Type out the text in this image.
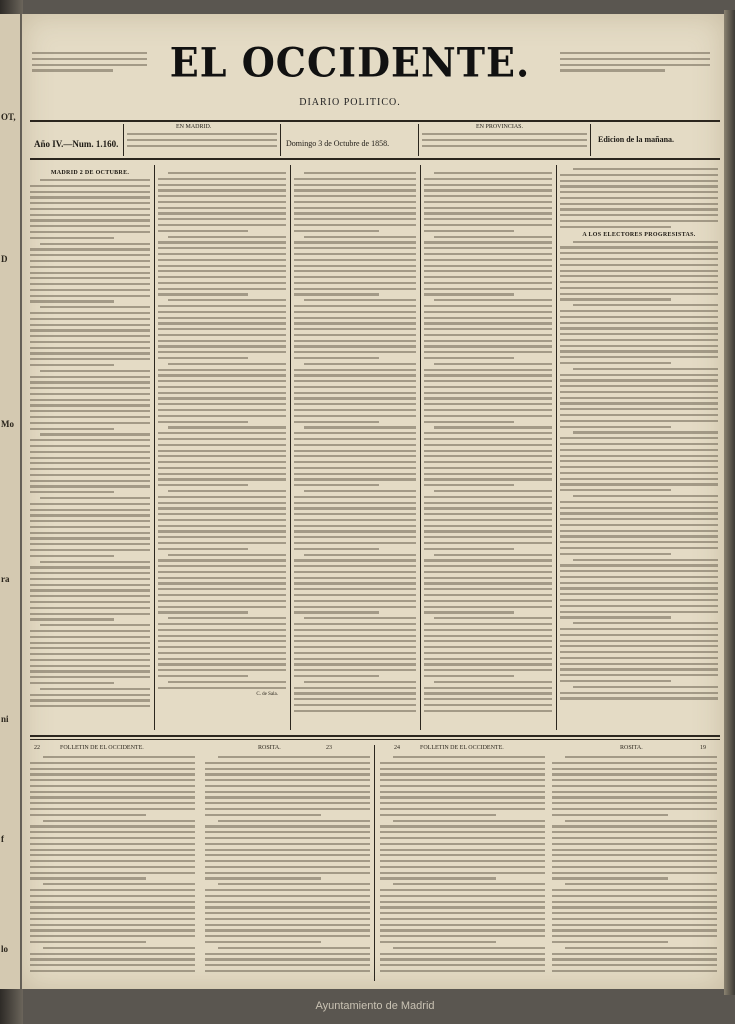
OT,
D
Mo
ra
ni
f
lo
EL OCCIDENTE.
DIARIO POLITICO.
Año IV.—Num. 1.160.
EN MADRID.
Domingo 3 de Octubre de 1858.
EN PROVINCIAS.
Edicion de la mañana.
MADRID 2 DE OCTUBRE.
C. de Sala.
A LOS ELECTORES PROGRESISTAS.
22	FOLLETIN DE EL OCCIDENTE.	ROSITA.	23	24	FOLLETIN DE EL OCCIDENTE.	ROSITA.	19
Ayuntamiento de Madrid
